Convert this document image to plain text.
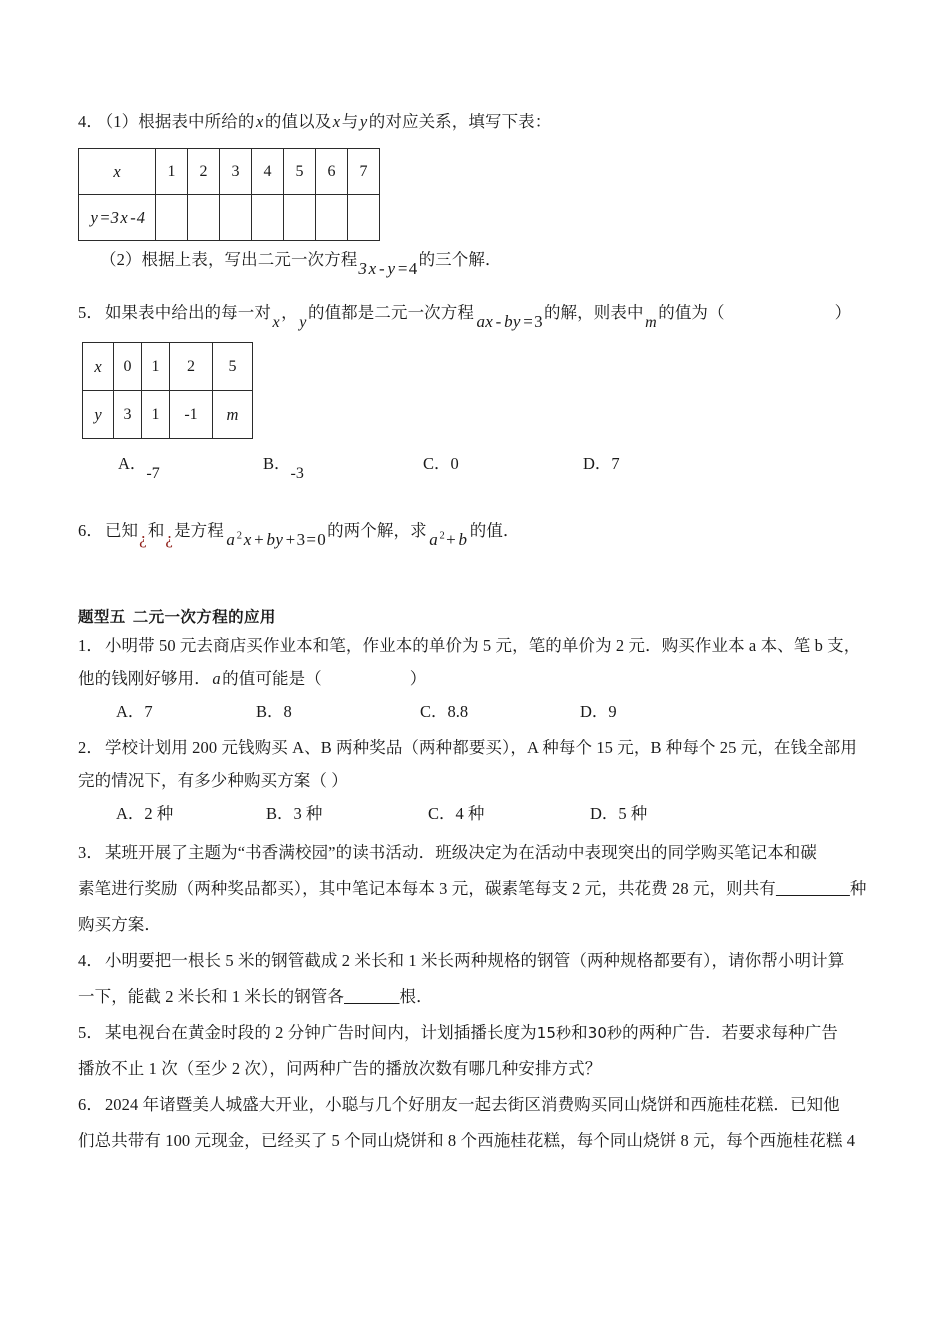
4． （1）根据表中所给的x的值以及x与y的对应关系，填写下表：
x	1	2	3	4	5	6	7
y =3x -4							
（2）根据上表，写出二元一次方程3x - y =4的三个解．
5． 如果表中给出的每一对x，y的值都是二元一次方程 ax - by =3的解，则表中m的值为（	）
x	0	1	2	5
y	3	1	-1	m
A．-7
B．-3
C．0	D．7
6． 已知¿和¿是方程 a $^2$x + by +3=0的两个解，求 a $^2$+ b 的值．
题型五 二元一次方程的应用
1． 小明带 50 元去商店买作业本和笔，作业本的单价为 5 元，笔的单价为 2 元．购买作业本 a 本、笔 b 支，
他的钱刚好够用．a的值可能是（	）
A．7	B．8	C．8.8	D．9
2． 学校计划用 200 元钱购买 A、B 两种奖品（两种都要买），A 种每个 15 元，B 种每个 25 元，在钱全部用
完的情况下，有多少种购买方案（ ）
A．2 种	B．3 种	C．4 种	D．5 种
3． 某班开展了主题为“书香满校园”的读书活动．班级决定为在活动中表现突出的同学购买笔记本和碳
素笔进行奖励（两种奖品都买），其中笔记本每本 3 元，碳素笔每支 2 元，共花费 28 元，则共有　　　　	种
购买方案．
4． 小明要把一根长 5 米的钢管截成 2 米长和 1 米长两种规格的钢管（两种规格都要有），请你帮小明计算
一下，能截 2 米长和 1 米长的钢管各　　　	根．
5． 某电视台在黄金时段的 2 分钟广告时间内，计划插播长度为15秒和30秒的两种广告．若要求每种广告
播放不止 1 次（至少 2 次），问两种广告的播放次数有哪几种安排方式？
6． 2024 年诸暨美人城盛大开业，小聪与几个好朋友一起去街区消费购买同山烧饼和西施桂花糕．已知他
们总共带有 100 元现金，已经买了 5 个同山烧饼和 8 个西施桂花糕，每个同山烧饼 8 元，每个西施桂花糕 4
